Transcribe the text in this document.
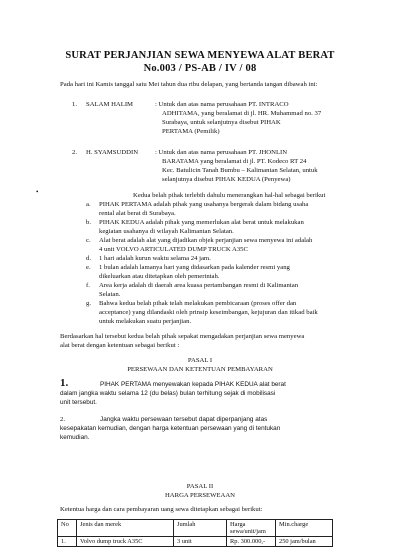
SURAT PERJANJIAN SEWA MENYEWA ALAT BERAT
No.003 / PS-AB / IV / 08
Pada hari ini Kamis tanggal satu Mei tahun dua ribu delapan, yang bertanda tangan dibawah ini:
1. SALAM HALIM	: Untuk dan atas nama perusahaan PT. INTRACO
ADHITAMA, yang beralamat di jl. HR. Muhammad no. 37
Surabaya, untuk selanjutnya disebut PIHAK
PERTAMA (Pemilik)
2. H. SYAMSUDDIN	: Untuk dan atas nama perusahaan PT. JHONLIN
BARATAMA yang beralamat di jl. PT. Kodeco RT 24
Kec. Batulicin Tanah Bumbu – Kalimantan Selatan, untuk
selanjutnya disebut PIHAK KEDUA (Penyewa)
•	Kedua belah pihak terlebih dahulu menerangkan hal-hal sebagai berikut
a. PIHAK PERTAMA adalah pihak yang usahanya bergerak dalam bidang usaha
rental alat berat di Surabaya.
b. PIHAK KEDUA adalah pihak yang memerlukan alat berat untuk melakukan
kegiatan usahanya di wilayah Kalimantan Selatan.
c. Alat berat adalah alat yang dijadikan objek perjanjian sewa menyewa ini adalah
4 unit VOLVO ARTICULATED DUMP TRUCK A35C
d. 1 hari adalah kurun waktu selama 24 jam.
e. 1 bulan adalah lamanya hari yang didasarkan pada kalender resmi yang
dikeluarkan atau ditetapkan oleh pemerintah.
f. Area kerja adalah di daerah area kuasa pertambangan resmi di Kalimantan
Selatan.
g. Bahwa kedua belah pihak telah melakukan pembicaraan (proses offer dan
acceptance) yang dilandaski oleh prinsip keseimbangan, kejujuran dan itikad baik
untuk melakukan suatu perjanjian.
Berdasarkan hal tersebut kedua belah pihak sepakat mengadakan perjanjian sewa menyewa
alat berat dengan ketentuan sebagai berikut :
PASAL I
PERSEWAAN DAN KETENTUAN PEMBAYARAN
1.	PIHAK PERTAMA menyewakan kepada PIHAK KEDUA alat berat
dalam jangka waktu selama 12 (du belas) bulan terhitung sejak di mobilisasi
unit tersebut.
2.	Jangka waktu persewaan tersebut dapat diperpanjang atas
kesepakatan kemudian, dengan harga ketentuan persewaan yang di tentukan
kemudian.
PASAL II
HARGA PERSEWEAAN
Ketentua harga dan cara pembayaran uang sewa ditetapkan sebagai berikut:
No	Jenis dan merek	Jumlah	Harga sewa/unit/jam	Min.charge
1.	Volvo dump truck A35C	3 unit	Rp. 300.000,-	250 jam/bulan
